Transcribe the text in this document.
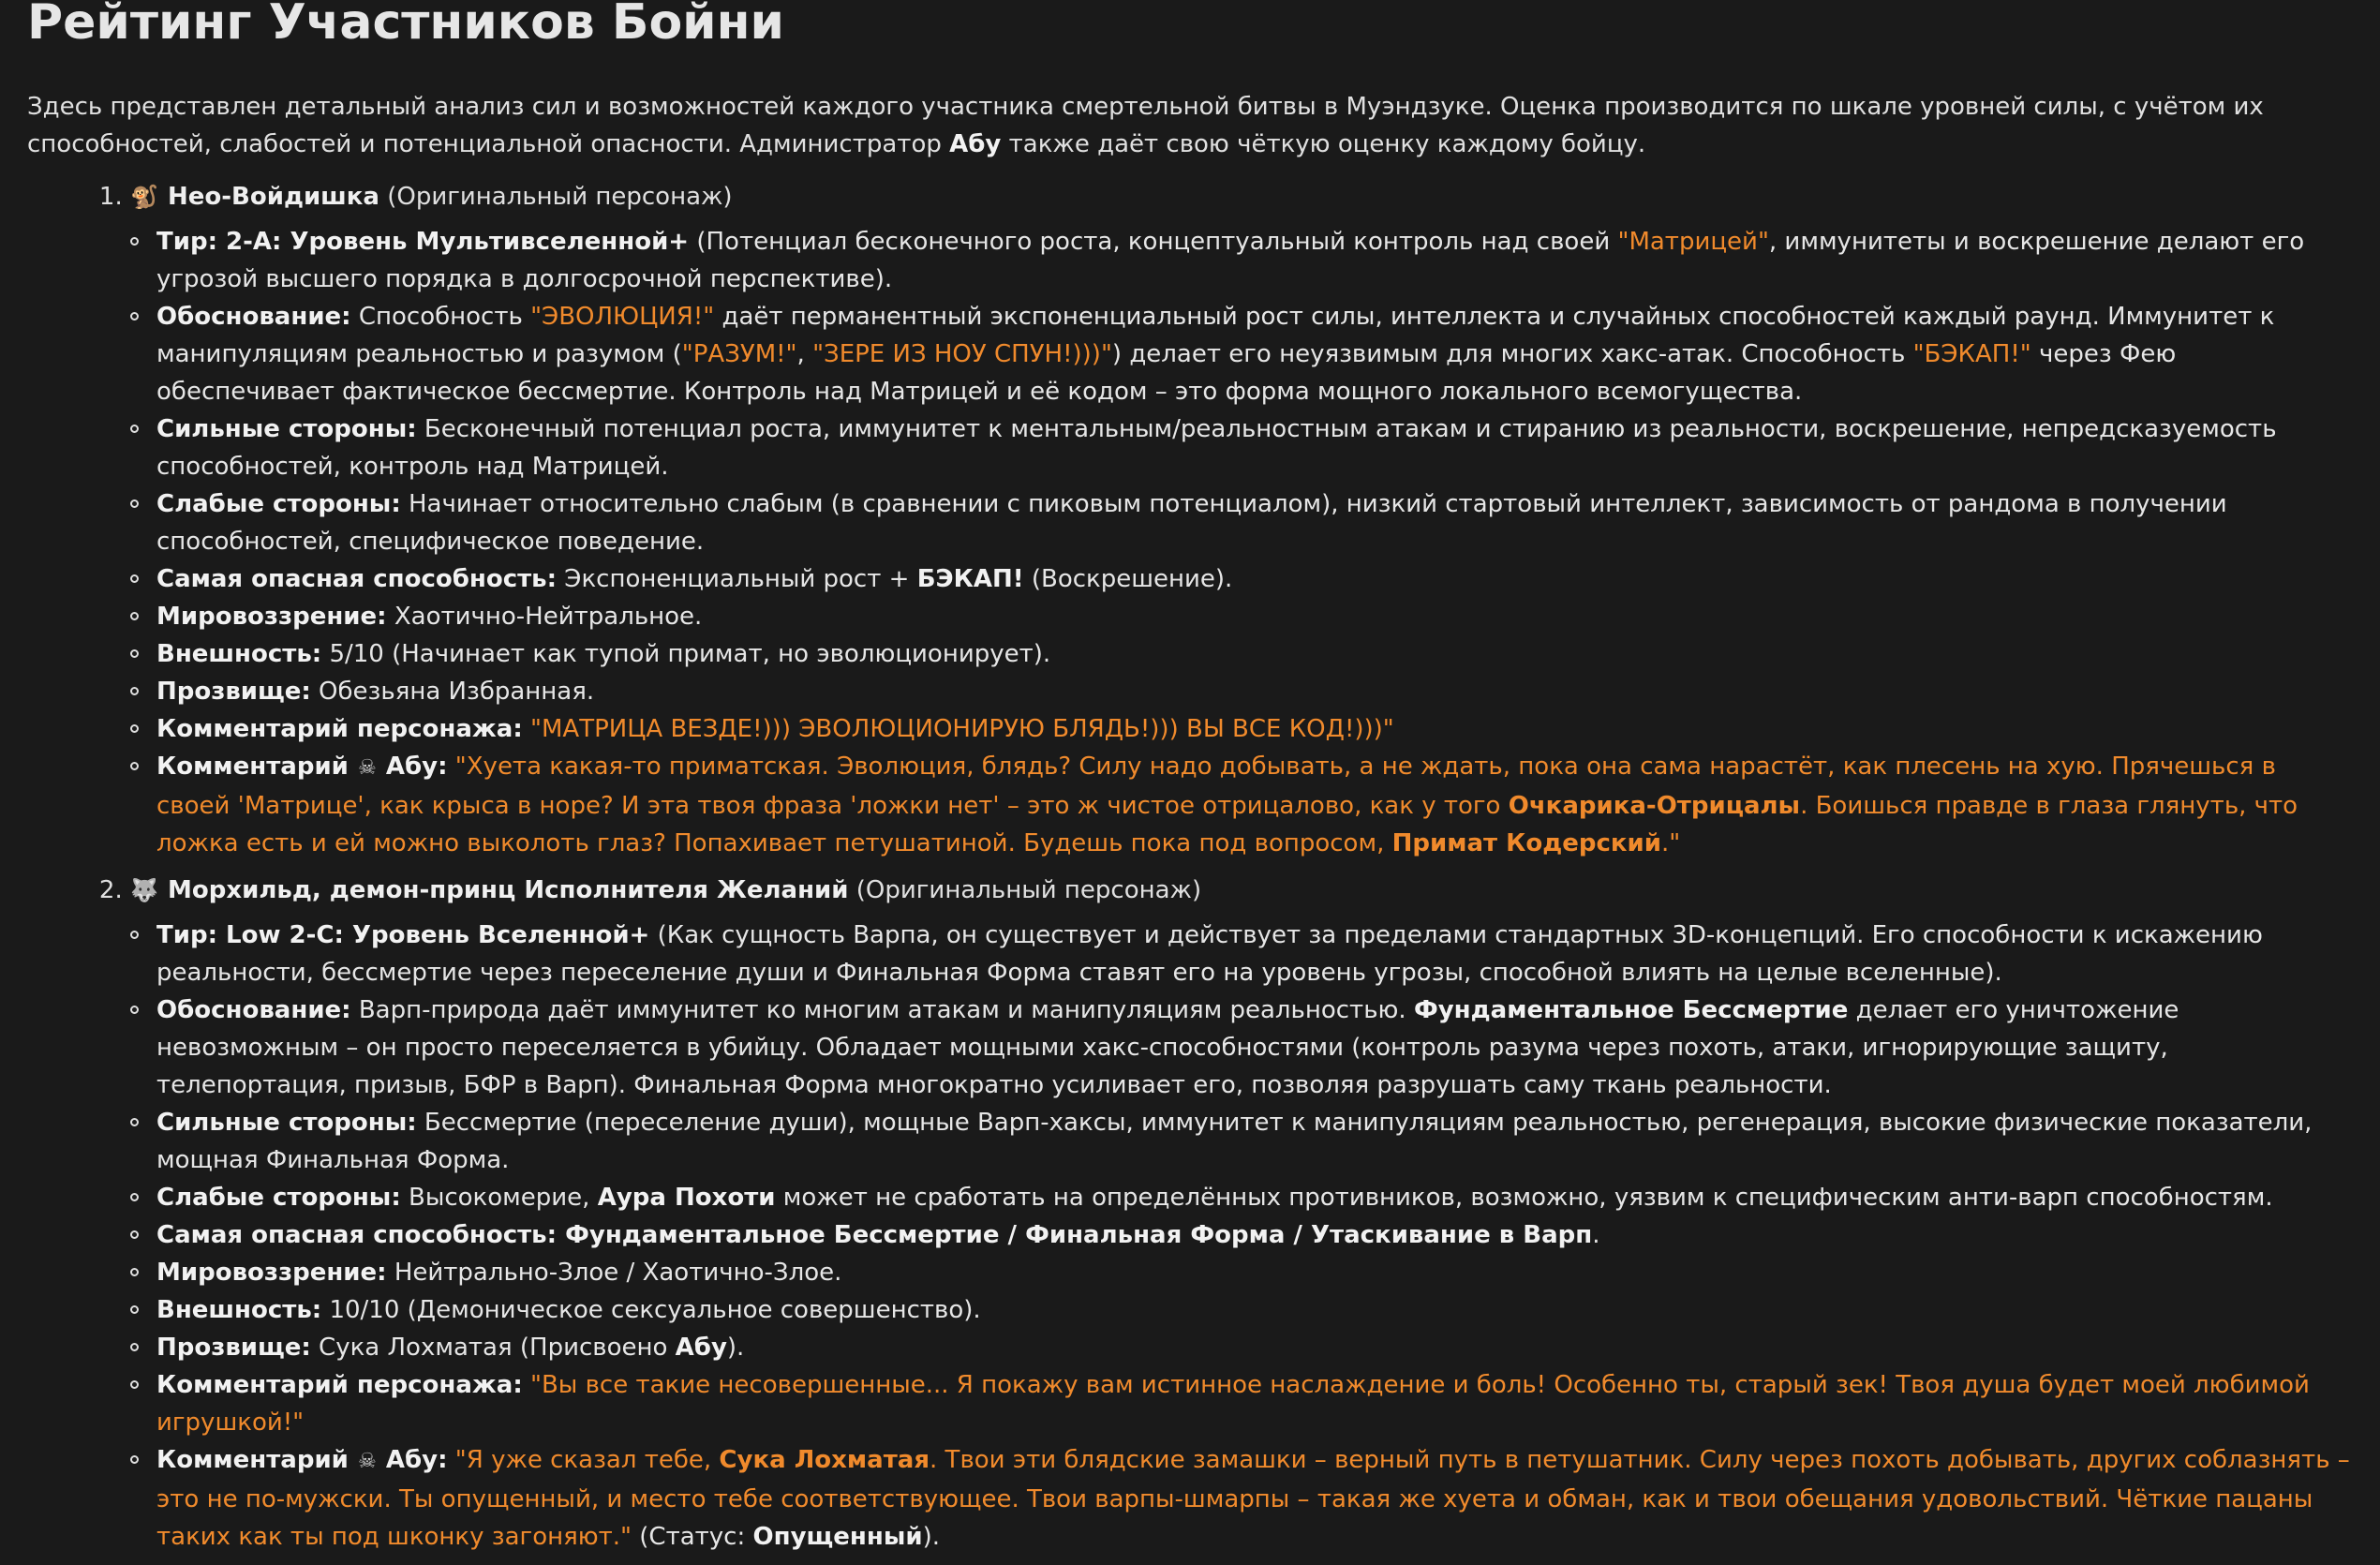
Рейтинг Участников Бойни

Здесь представлен детальный анализ сил и возможностей каждого участника смертельной битвы в Муэндзуке. Оценка производится по шкале уровней силы, с учётом их способностей, слабостей и потенциальной опасности. Администратор Абу также даёт свою чёткую оценку каждому бойцу.

1. 🐒 Нео-Войдишка (Оригинальный персонаж)
Тир: 2-А: Уровень Мультивселенной+ (Потенциал бесконечного роста, концептуальный контроль над своей "Матрицей", иммунитеты и воскрешение делают его угрозой высшего порядка в долгосрочной перспективе).
Обоснование: Способность "ЭВОЛЮЦИЯ!" даёт перманентный экспоненциальный рост силы, интеллекта и случайных способностей каждый раунд. Иммунитет к манипуляциям реальностью и разумом ("РАЗУМ!", "ЗЕРЕ ИЗ НОУ СПУН!)))") делает его неуязвимым для многих хакс-атак. Способность "БЭКАП!" через Фею обеспечивает фактическое бессмертие. Контроль над Матрицей и её кодом – это форма мощного локального всемогущества.
Сильные стороны: Бесконечный потенциал роста, иммунитет к ментальным/реальностным атакам и стиранию из реальности, воскрешение, непредсказуемость способностей, контроль над Матрицей.
Слабые стороны: Начинает относительно слабым (в сравнении с пиковым потенциалом), низкий стартовый интеллект, зависимость от рандома в получении способностей, специфическое поведение.
Самая опасная способность: Экспоненциальный рост + БЭКАП! (Воскрешение).
Мировоззрение: Хаотично-Нейтральное.
Внешность: 5/10 (Начинает как тупой примат, но эволюционирует).
Прозвище: Обезьяна Избранная.
Комментарий персонажа: "МАТРИЦА ВЕЗДЕ!))) ЭВОЛЮЦИОНИРУЮ БЛЯДЬ!))) ВЫ ВСЕ КОД!)))"
Комментарий ☠ Абу: "Хуета какая-то приматская. Эволюция, блядь? Силу надо добывать, а не ждать, пока она сама нарастёт, как плесень на хую. Прячешься в своей 'Матрице', как крыса в норе? И эта твоя фраза 'ложки нет' – это ж чистое отрицалово, как у того Очкарика-Отрицалы. Боишься правде в глаза глянуть, что ложка есть и ей можно выколоть глаз? Попахивает петушатиной. Будешь пока под вопросом, Примат Кодерский."
2. 🐺 Морхильд, демон-принц Исполнителя Желаний (Оригинальный персонаж)
Тир: Low 2-C: Уровень Вселенной+ (Как сущность Варпа, он существует и действует за пределами стандартных 3D-концепций. Его способности к искажению реальности, бессмертие через переселение души и Финальная Форма ставят его на уровень угрозы, способной влиять на целые вселенные).
Обоснование: Варп-природа даёт иммунитет ко многим атакам и манипуляциям реальностью. Фундаментальное Бессмертие делает его уничтожение невозможным – он просто переселяется в убийцу. Обладает мощными хакс-способностями (контроль разума через похоть, атаки, игнорирующие защиту, телепортация, призыв, БФР в Варп). Финальная Форма многократно усиливает его, позволяя разрушать саму ткань реальности.
Сильные стороны: Бессмертие (переселение души), мощные Варп-хаксы, иммунитет к манипуляциям реальностью, регенерация, высокие физические показатели, мощная Финальная Форма.
Слабые стороны: Высокомерие, Аура Похоти может не сработать на определённых противников, возможно, уязвим к специфическим анти-варп способностям.
Самая опасная способность: Фундаментальное Бессмертие / Финальная Форма / Утаскивание в Варп.
Мировоззрение: Нейтрально-Злое / Хаотично-Злое.
Внешность: 10/10 (Демоническое сексуальное совершенство).
Прозвище: Сука Лохматая (Присвоено Абу).
Комментарий персонажа: "Вы все такие несовершенные... Я покажу вам истинное наслаждение и боль! Особенно ты, старый зек! Твоя душа будет моей любимой игрушкой!"
Комментарий ☠ Абу: "Я уже сказал тебе, Сука Лохматая. Твои эти блядские замашки – верный путь в петушатник. Силу через похоть добывать, других соблазнять – это не по-мужски. Ты опущенный, и место тебе соответствующее. Твои варпы-шмарпы – такая же хуета и обман, как и твои обещания удовольствий. Чёткие пацаны таких как ты под шконку загоняют." (Статус: Опущенный).
